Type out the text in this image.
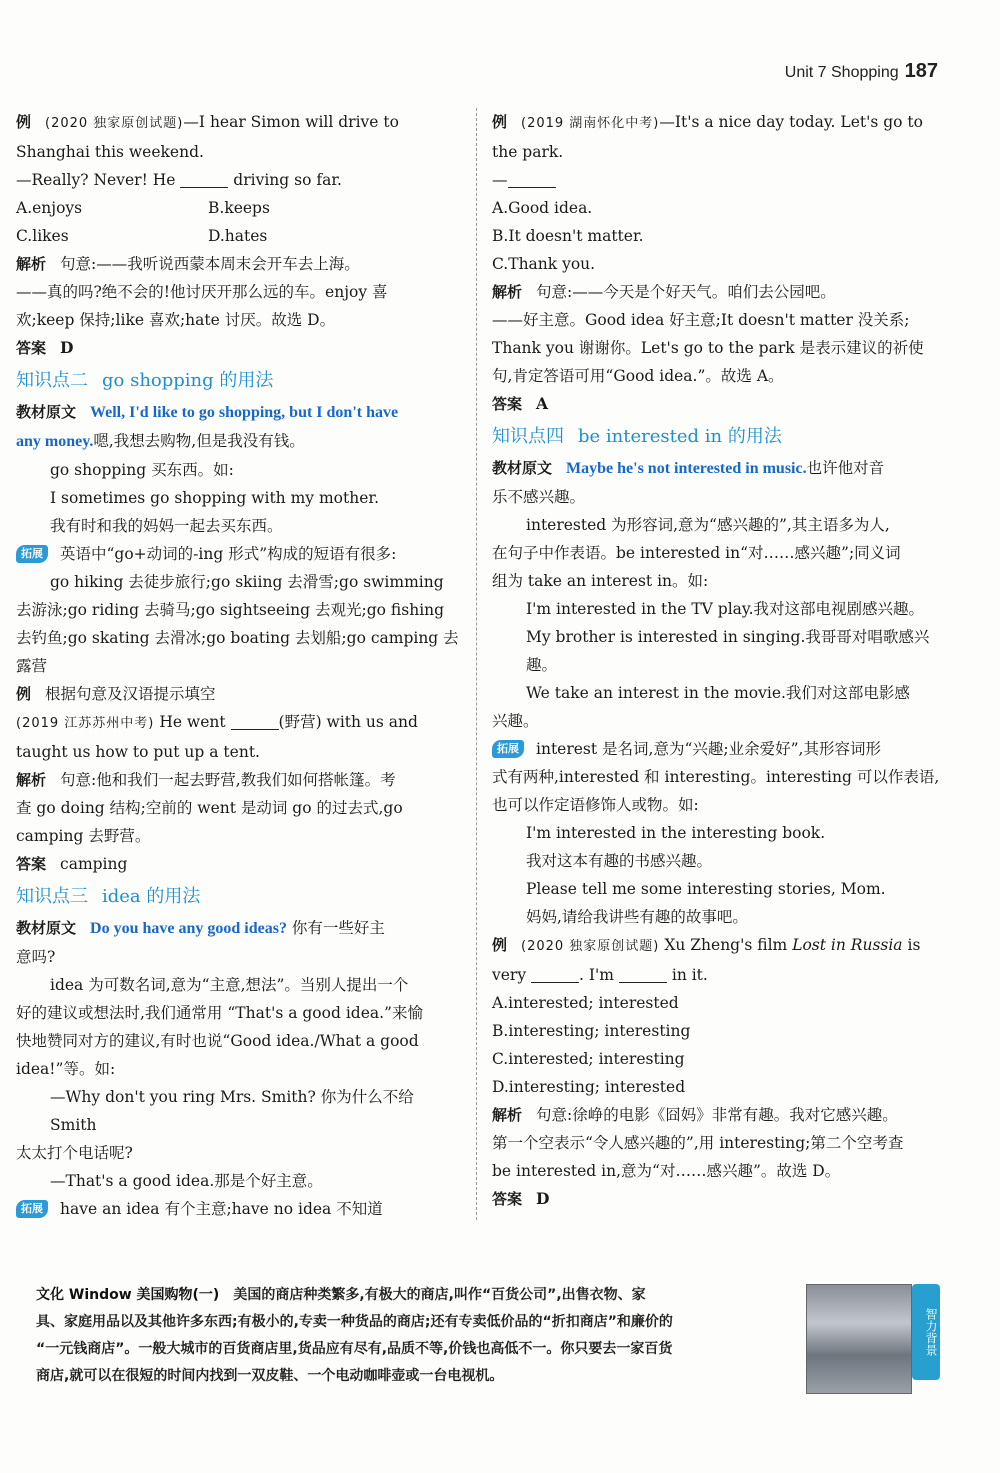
Unit 7 Shopping 187

例 (2020 独家原创试题)—I hear Simon will drive to

Shanghai this weekend.

—Really? Never! He	driving so far.

A.enjoys	B.keeps
C.likes	D.hates

解析 句意:——我听说西蒙本周末会开车去上海。

——真的吗?绝不会的!他讨厌开那么远的车。enjoy 喜

欢;keep 保持;like 喜欢;hate 讨厌。故选 D。

答案 D

知识点二 go shopping 的用法

教材原文 Well, I'd like to go shopping, but I don't have

any money.嗯,我想去购物,但是我没有钱。

go shopping 买东西。如:

I sometimes go shopping with my mother.

我有时和我的妈妈一起去买东西。

拓展 英语中“go+动词的-ing 形式”构成的短语有很多:

go hiking 去徒步旅行;go skiing 去滑雪;go swimming

去游泳;go riding 去骑马;go sightseeing 去观光;go fishing

去钓鱼;go skating 去滑冰;go boating 去划船;go camping 去

露营

例 根据句意及汉语提示填空

(2019 江苏苏州中考) He went	(野营) with us and

taught us how to put up a tent.

解析 句意:他和我们一起去野营,教我们如何搭帐篷。考

查 go doing 结构;空前的 went 是动词 go 的过去式,go

camping 去野营。

答案 camping

知识点三 idea 的用法

教材原文 Do you have any good ideas? 你有一些好主

意吗?

idea 为可数名词,意为“主意,想法”。当别人提出一个

好的建议或想法时,我们通常用 “That's a good idea.”来愉

快地赞同对方的建议,有时也说“Good idea./What a good

idea!”等。如:

—Why don't you ring Mrs. Smith? 你为什么不给 Smith

太太打个电话呢?

—That's a good idea.那是个好主意。

拓展 have an idea 有个主意;have no idea 不知道

例 (2019 湖南怀化中考)—It's a nice day today. Let's go to

the park.

—

A.Good idea.

B.It doesn't matter.

C.Thank you.

解析 句意:——今天是个好天气。咱们去公园吧。

——好主意。Good idea 好主意;It doesn't matter 没关系;

Thank you 谢谢你。Let's go to the park 是表示建议的祈使

句,肯定答语可用“Good idea.”。故选 A。

答案 A

知识点四 be interested in 的用法

教材原文 Maybe he's not interested in music.也许他对音

乐不感兴趣。

interested 为形容词,意为“感兴趣的”,其主语多为人,

在句子中作表语。be interested in“对……感兴趣”;同义词

组为 take an interest in。如:

I'm interested in the TV play.我对这部电视剧感兴趣。

My brother is interested in singing.我哥哥对唱歌感兴趣。

We take an interest in the movie.我们对这部电影感

兴趣。

拓展 interest 是名词,意为“兴趣;业余爱好”,其形容词形

式有两种,interested 和 interesting。interesting 可以作表语,

也可以作定语修饰人或物。如:

I'm interested in the interesting book.

我对这本有趣的书感兴趣。

Please tell me some interesting stories, Mom.

妈妈,请给我讲些有趣的故事吧。

例 (2020 独家原创试题) Xu Zheng's film Lost in Russia is

very	. I'm	in it.

A.interested; interested

B.interesting; interesting

C.interested; interesting

D.interesting; interested

解析 句意:徐峥的电影《囧妈》非常有趣。我对它感兴趣。

第一个空表示“令人感兴趣的”,用 interesting;第二个空考查

be interested in,意为“对……感兴趣”。故选 D。

答案 D

文化 Window 美国购物(一) 美国的商店种类繁多,有极大的商店,叫作“百货公司”,出售衣物、家

具、家庭用品以及其他许多东西;有极小的,专卖一种货品的商店;还有专卖低价品的“折扣商店”和廉价的

“一元钱商店”。一般大城市的百货商店里,货品应有尽有,品质不等,价钱也高低不一。你只要去一家百货

商店,就可以在很短的时间内找到一双皮鞋、一个电动咖啡壶或一台电视机。

智力背景
